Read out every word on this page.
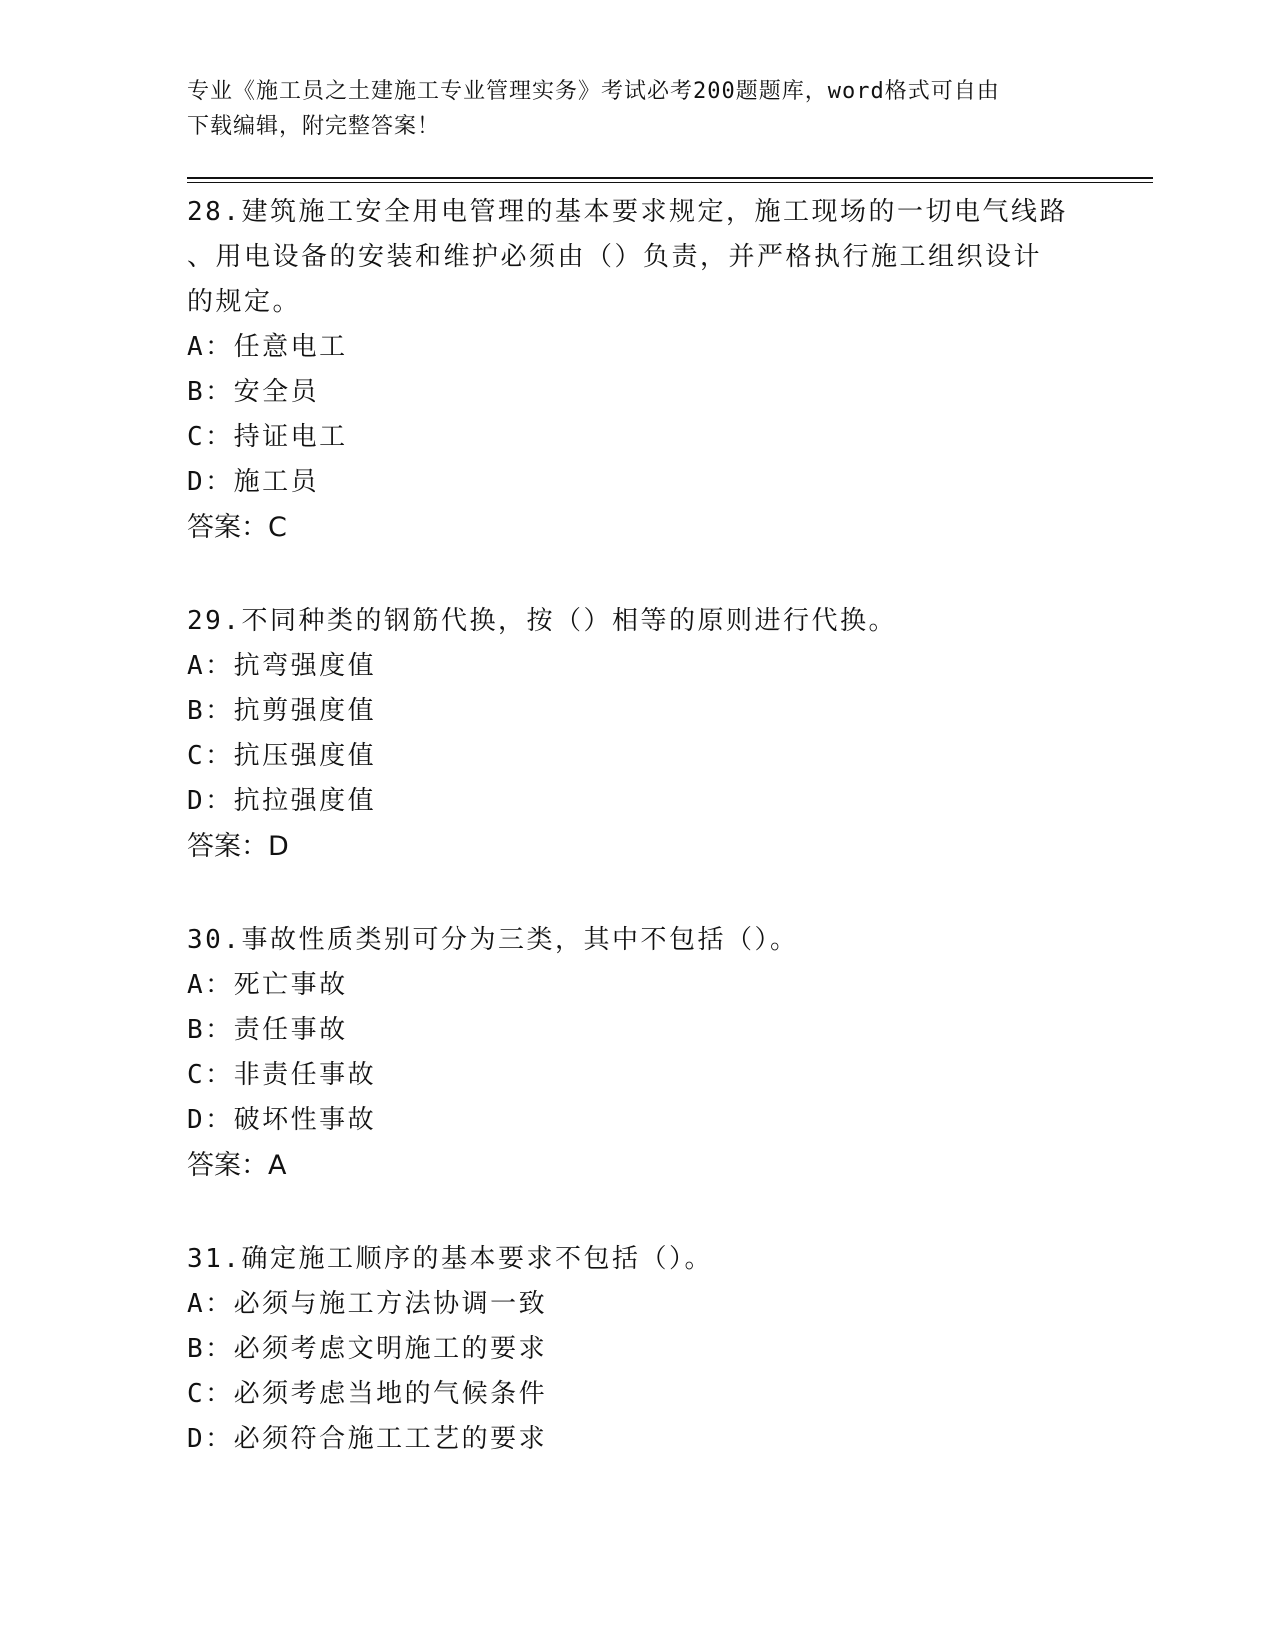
专业《施工员之土建施工专业管理实务》考试必考200题题库，word格式可自由
下载编辑，附完整答案！

28.建筑施工安全用电管理的基本要求规定，施工现场的一切电气线路

、用电设备的安装和维护必须由（）负责，并严格执行施工组织设计

的规定。

A：任意电工

B：安全员

C：持证电工

D：施工员

答案：C

29.不同种类的钢筋代换，按（）相等的原则进行代换。

A：抗弯强度值

B：抗剪强度值

C：抗压强度值

D：抗拉强度值

答案：D

30.事故性质类别可分为三类，其中不包括（）。

A：死亡事故

B：责任事故

C：非责任事故

D：破坏性事故

答案：A

31.确定施工顺序的基本要求不包括（）。

A：必须与施工方法协调一致

B：必须考虑文明施工的要求

C：必须考虑当地的气候条件

D：必须符合施工工艺的要求
